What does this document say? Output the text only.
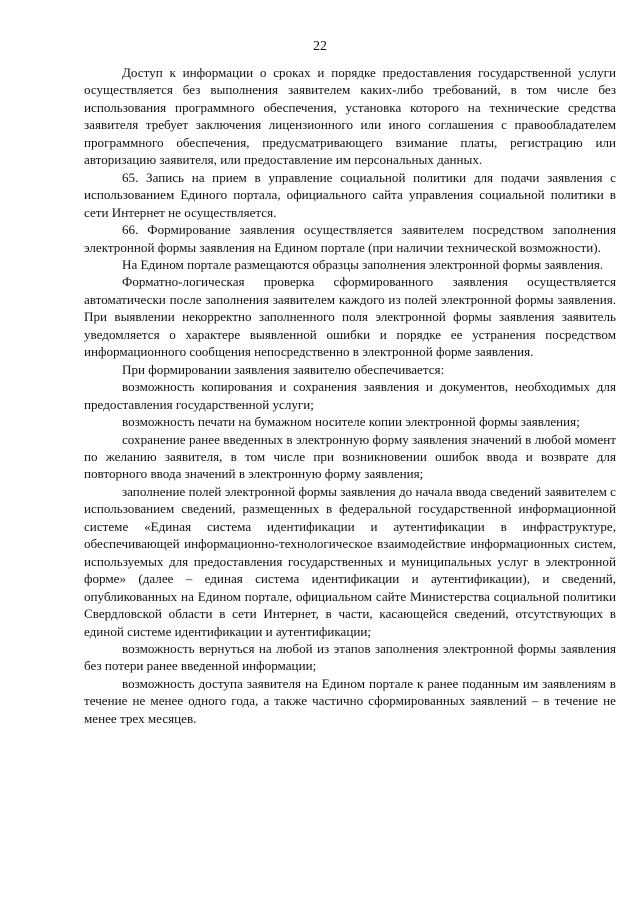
22

Доступ к информации о сроках и порядке предоставления государственной услуги осуществляется без выполнения заявителем каких-либо требований, в том числе без использования программного обеспечения, установка которого на технические средства заявителя требует заключения лицензионного или иного соглашения с правообладателем программного обеспечения, предусматривающего взимание платы, регистрацию или авторизацию заявителя, или предоставление им персональных данных.

65. Запись на прием в управление социальной политики для подачи заявления с использованием Единого портала, официального сайта управления социальной политики в сети Интернет не осуществляется.

66. Формирование заявления осуществляется заявителем посредством заполнения электронной формы заявления на Едином портале (при наличии технической возможности).

На Едином портале размещаются образцы заполнения электронной формы заявления.

Форматно-логическая проверка сформированного заявления осуществляется автоматически после заполнения заявителем каждого из полей электронной формы заявления. При выявлении некорректно заполненного поля электронной формы заявления заявитель уведомляется о характере выявленной ошибки и порядке ее устранения посредством информационного сообщения непосредственно в электронной форме заявления.

При формировании заявления заявителю обеспечивается:

возможность копирования и сохранения заявления и документов, необходимых для предоставления государственной услуги;

возможность печати на бумажном носителе копии электронной формы заявления;

сохранение ранее введенных в электронную форму заявления значений в любой момент по желанию заявителя, в том числе при возникновении ошибок ввода и возврате для повторного ввода значений в электронную форму заявления;

заполнение полей электронной формы заявления до начала ввода сведений заявителем с использованием сведений, размещенных в федеральной государственной информационной системе «Единая система идентификации и аутентификации в инфраструктуре, обеспечивающей информационно-технологическое взаимодействие информационных систем, используемых для предоставления государственных и муниципальных услуг в электронной форме» (далее – единая система идентификации и аутентификации), и сведений, опубликованных на Едином портале, официальном сайте Министерства социальной политики Свердловской области в сети Интернет, в части, касающейся сведений, отсутствующих в единой системе идентификации и аутентификации;

возможность вернуться на любой из этапов заполнения электронной формы заявления без потери ранее введенной информации;

возможность доступа заявителя на Едином портале к ранее поданным им заявлениям в течение не менее одного года, а также частично сформированных заявлений – в течение не менее трех месяцев.
